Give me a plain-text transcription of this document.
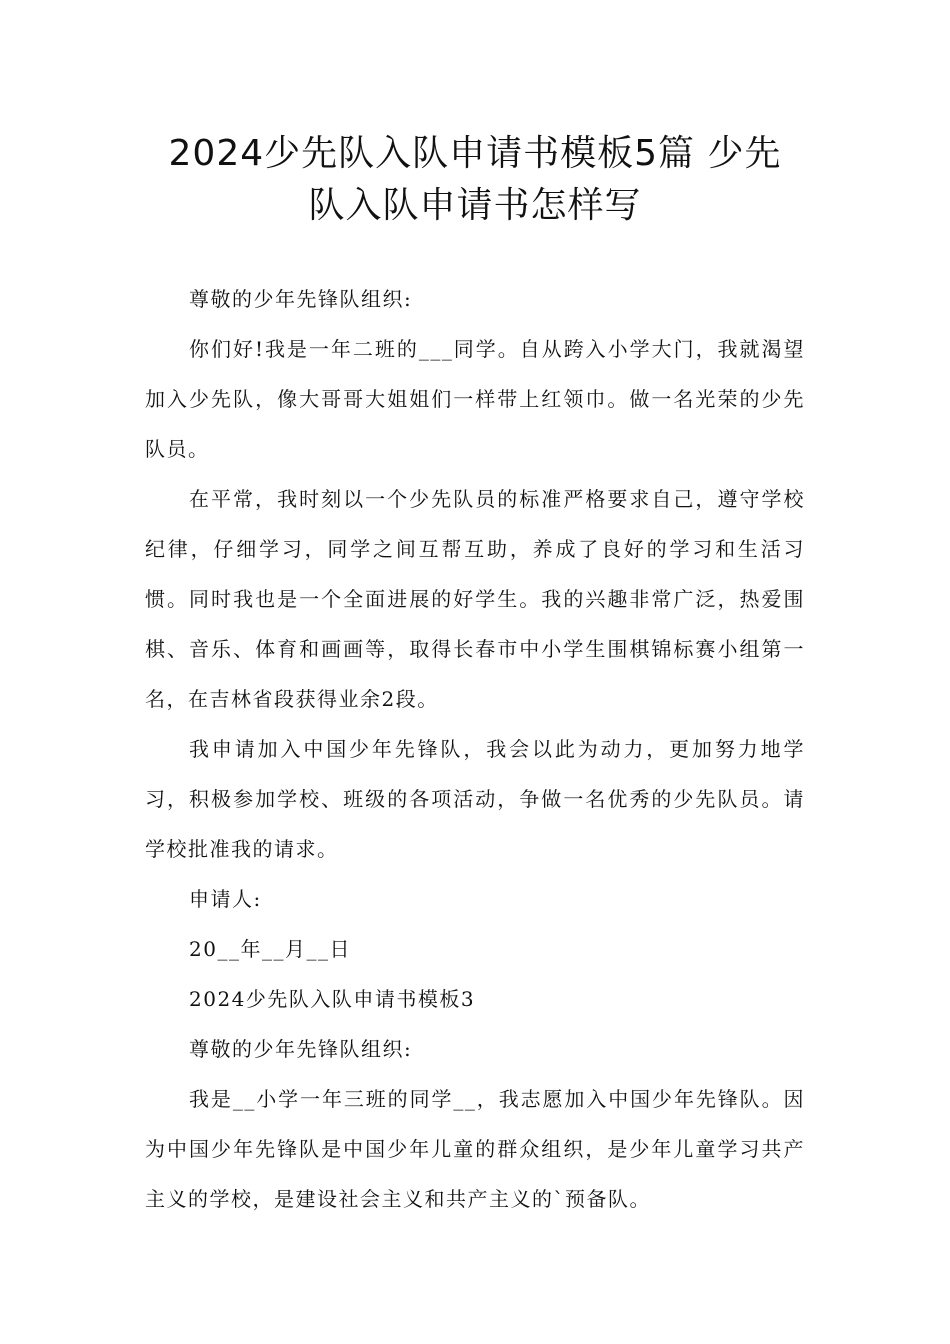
2024少先队入队申请书模板5篇 少先
队入队申请书怎样写

尊敬的少年先锋队组织:

你们好!我是一年二班的___同学。自从跨入小学大门，我就渴望加入少先队，像大哥哥大姐姐们一样带上红领巾。做一名光荣的少先队员。

在平常，我时刻以一个少先队员的标准严格要求自己，遵守学校纪律，仔细学习，同学之间互帮互助，养成了良好的学习和生活习惯。同时我也是一个全面进展的好学生。我的兴趣非常广泛，热爱围棋、音乐、体育和画画等，取得长春市中小学生围棋锦标赛小组第一名，在吉林省段获得业余2段。

我申请加入中国少年先锋队，我会以此为动力，更加努力地学习，积极参加学校、班级的各项活动，争做一名优秀的少先队员。请学校批准我的请求。

申请人:

20__年__月__日

2024少先队入队申请书模板3

尊敬的少年先锋队组织:

我是__小学一年三班的同学__，我志愿加入中国少年先锋队。因为中国少年先锋队是中国少年儿童的群众组织，是少年儿童学习共产主义的学校，是建设社会主义和共产主义的`预备队。
